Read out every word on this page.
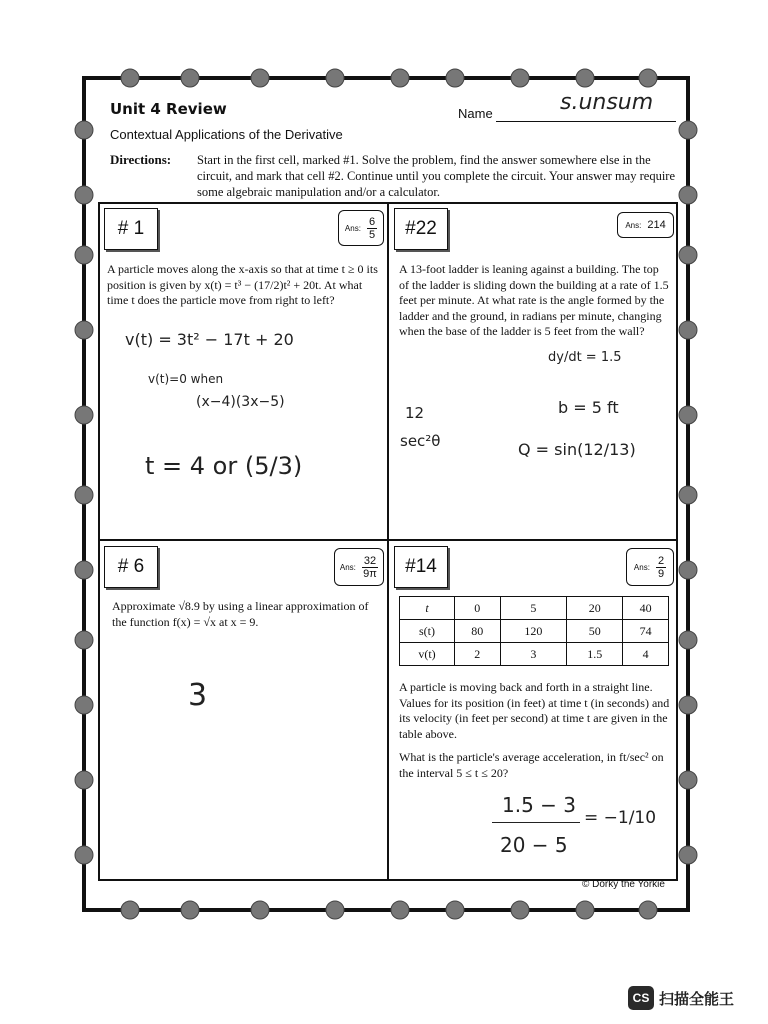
Unit 4 Review
Contextual Applications of the Derivative
Name	s.unsum
Directions: Start in the first cell, marked #1. Solve the problem, find the answer somewhere else in the circuit, and mark that cell #2. Continue until you complete the circuit. Your answer may require some algebraic manipulation and/or a calculator.
# 1	Ans: $\frac{6}{5}$
A particle moves along the x-axis so that at time t ≥ 0 its position is given by x(t) = t³ − (17/2)t² + 20t. At what time t does the particle move from right to left?
v(t) = 3t² − 17t + 20
v(t)=0 when
(x−4)(3x−5)
t = 4 or (5/3)
#22	Ans: 214
A 13-foot ladder is leaning against a building. The top of the ladder is sliding down the building at a rate of 1.5 feet per minute. At what rate is the angle formed by the ladder and the ground, in radians per minute, changing when the base of the ladder is 5 feet from the wall?
dy/dt = 1.5
b = 5 ft
Q = sin(12/13)
12
sec²θ
# 6	Ans: $\frac{32}{9\pi}$
Approximate √8.9 by using a linear approximation of the function f(x) = √x at x = 9.
3
#14	Ans: $\frac{2}{9}$
t	0	5	20	40
s(t)	80	120	50	74
v(t)	2	3	1.5	4
A particle is moving back and forth in a straight line. Values for its position (in feet) at time t (in seconds) and its velocity (in feet per second) at time t are given in the table above.
What is the particle's average acceleration, in ft/sec² on the interval 5 ≤ t ≤ 20?
1.5 − 3
20 − 5
= −1/10
© Dorky the Yorkie
CS 扫描全能王
